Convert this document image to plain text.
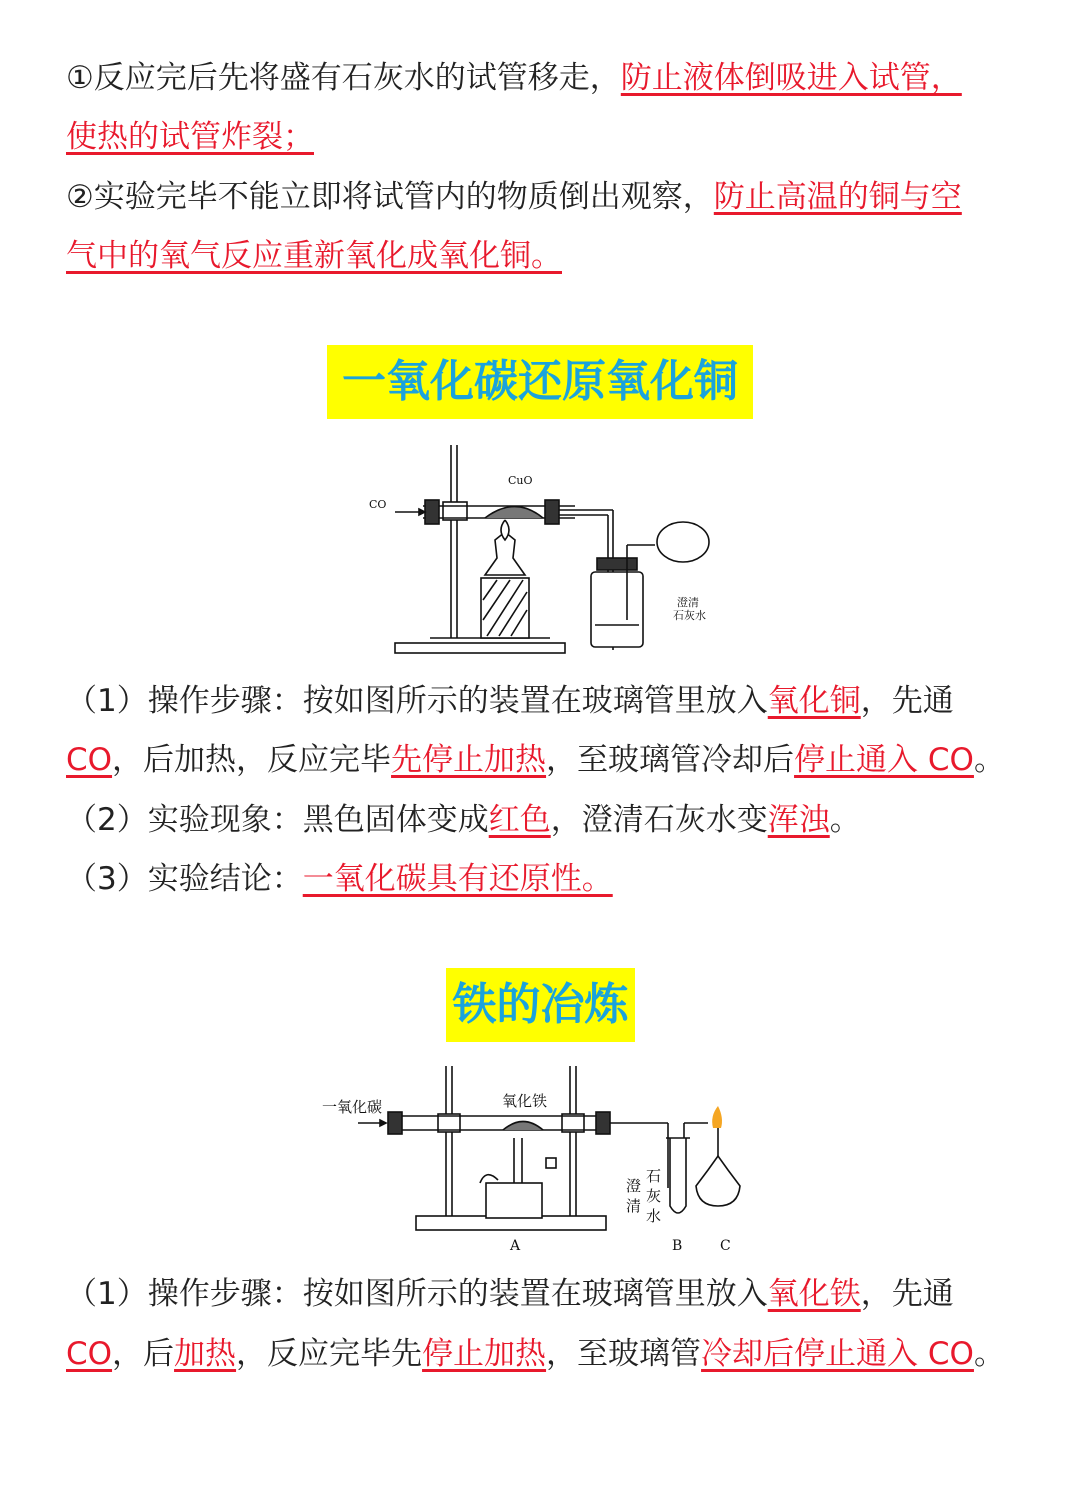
①反应完后先将盛有石灰水的试管移走，防止液体倒吸进入试管，
使热的试管炸裂；
②实验完毕不能立即将试管内的物质倒出观察，防止高温的铜与空
气中的氧气反应重新氧化成氧化铜。
一氧化碳还原氧化铜
CuO
CO
澄清
石灰水
（1）操作步骤：按如图所示的装置在玻璃管里放入氧化铜，先通
CO，后加热，反应完毕先停止加热，至玻璃管冷却后停止通入 CO。
（2）实验现象：黑色固体变成红色，澄清石灰水变浑浊。
（3）实验结论：一氧化碳具有还原性。
铁的冶炼
一氧化碳	氧化铁
石
灰
水
澄
清
A	B	C
（1）操作步骤：按如图所示的装置在玻璃管里放入氧化铁，先通
CO，后加热，反应完毕先停止加热，至玻璃管冷却后停止通入 CO。
